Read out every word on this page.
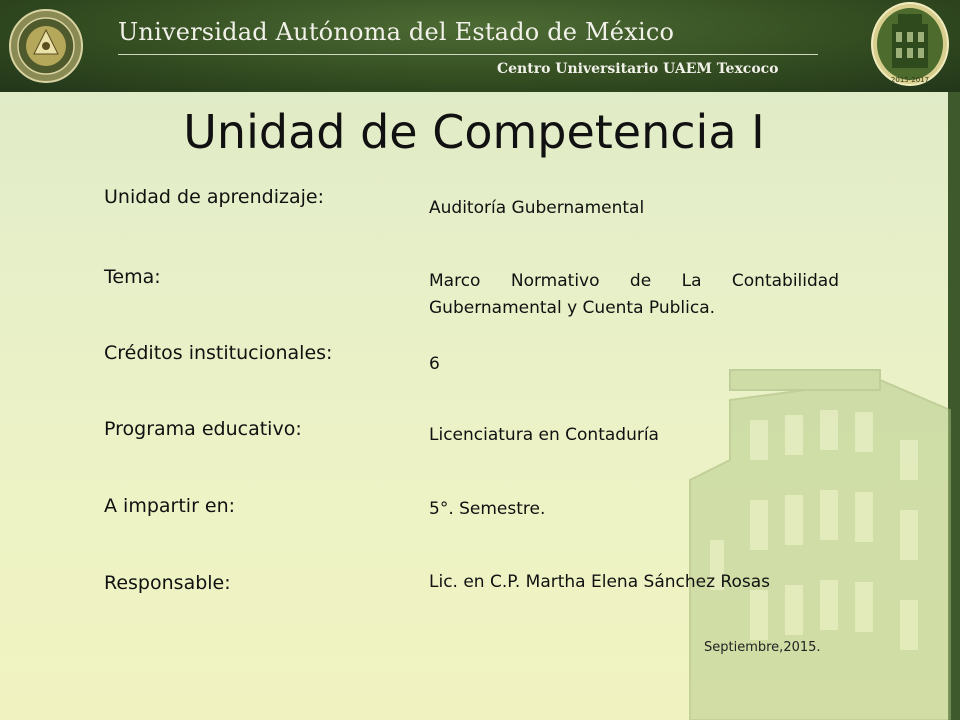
Universidad Autónoma del Estado de México
Centro Universitario UAEM Texcoco
2015-2017
Unidad de Competencia I
Unidad de aprendizaje:	Auditoría Gubernamental
Tema:	Marco Normativo de La Contabilidad Gubernamental y Cuenta Publica.
Créditos institucionales:	6
Programa educativo:	Licenciatura en Contaduría
A impartir en:	5°. Semestre.
Responsable:	Lic. en C.P. Martha Elena Sánchez Rosas
Septiembre,2015.
